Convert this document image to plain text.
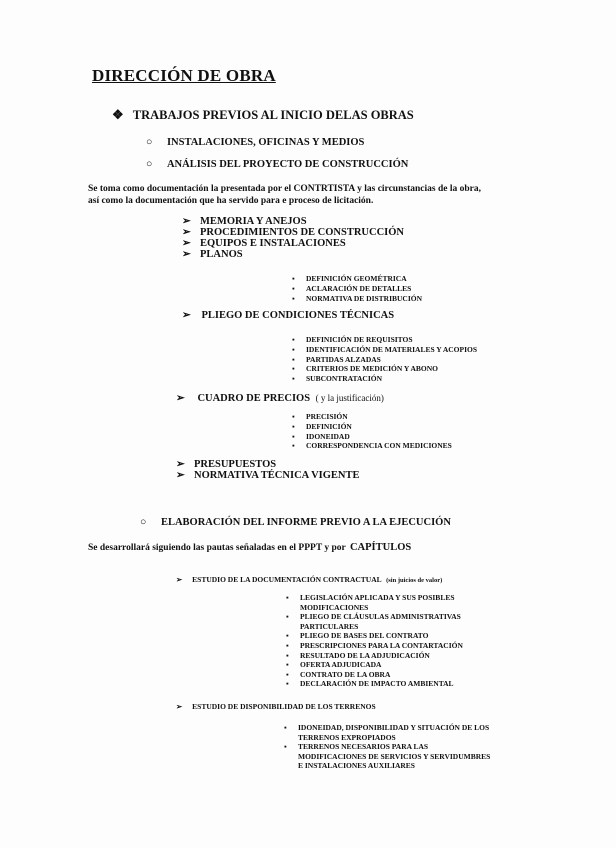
DIRECCIÓN DE OBRA
❖ TRABAJOS PREVIOS AL INICIO DELAS OBRAS
○ INSTALACIONES, OFICINAS Y MEDIOS
○ ANÁLISIS DEL PROYECTO DE CONSTRUCCIÓN
Se toma como documentación la presentada por el CONTRTISTA y las circunstancias de la obra,
así como la documentación que ha servido para e proceso de licitación.
➢ MEMORIA Y ANEJOS
➢ PROCEDIMIENTOS DE CONSTRUCCIÓN
➢ EQUIPOS E INSTALACIONES
➢ PLANOS
▪ DEFINICIÓN GEOMÉTRICA
▪ ACLARACIÓN DE DETALLES
▪ NORMATIVA DE DISTRIBUCIÓN
➢ PLIEGO DE CONDICIONES TÉCNICAS
▪ DEFINICIÓN DE REQUISITOS
▪ IDENTIFICACIÓN DE MATERIALES Y ACOPIOS
▪ PARTIDAS ALZADAS
▪ CRITERIOS DE MEDICIÓN Y ABONO
▪ SUBCONTRATACIÓN
➢ CUADRO DE PRECIOS ( y la justificación)
▪ PRECISIÓN
▪ DEFINICIÓN
▪ IDONEIDAD
▪ CORRESPONDENCIA CON MEDICIONES
➢ PRESUPUESTOS
➢ NORMATIVA TÉCNICA VIGENTE
○ ELABORACIÓN DEL INFORME PREVIO A LA EJECUCIÓN
Se desarrollará siguiendo las pautas señaladas en el PPPT y por CAPÍTULOS
➢ ESTUDIO DE LA DOCUMENTACIÓN CONTRACTUAL (sin juicios de valor)
▪ LEGISLACIÓN APLICADA Y SUS POSIBLES
MODIFICACIONES
▪ PLIEGO DE CLÁUSULAS ADMINISTRATIVAS
PARTICULARES
▪ PLIEGO DE BASES DEL CONTRATO
▪ PRESCRIPCIONES PARA LA CONTARTACIÓN
▪ RESULTADO DE LA ADJUDICACIÓN
▪ OFERTA ADJUDICADA
▪ CONTRATO DE LA OBRA
▪ DECLARACIÓN DE IMPACTO AMBIENTAL
➢ ESTUDIO DE DISPONIBILIDAD DE LOS TERRENOS
▪ IDONEIDAD, DISPONIBILIDAD Y SITUACIÓN DE LOS
TERRENOS EXPROPIADOS
▪ TERRENOS NECESARIOS PARA LAS
MODIFICACIONES DE SERVICIOS Y SERVIDUMBRES
E INSTALACIONES AUXILIARES
